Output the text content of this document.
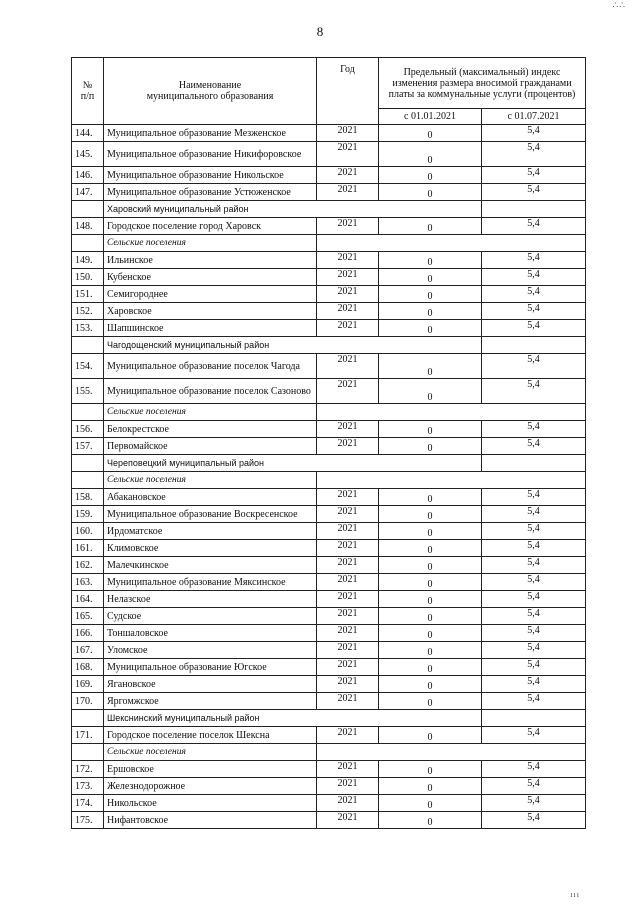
∴∴
8
№
п/п	Наименование
муниципального образования	Год	Предельный (максимальный) индекс изменения размера вносимой гражданами платы за коммунальные услуги (процентов)	
			с 01.01.2021	с 01.07.2021
144.	Муниципальное образование Мезженское	2021	0	5,4
145.	Муниципальное образование Никифоровское	2021	0	5,4
146.	Муниципальное образование Никольское	2021	0	5,4
147.	Муниципальное образование Устюженское	2021	0	5,4
	Харовский муниципальный район			
148.	Городское поселение город Харовск	2021	0	5,4
	Сельские поселения			
149.	Ильинское	2021	0	5,4
150.	Кубенское	2021	0	5,4
151.	Семигороднее	2021	0	5,4
152.	Харовское	2021	0	5,4
153.	Шапшинское	2021	0	5,4
	Чагодощенский муниципальный район			
154.	Муниципальное образование поселок Чагода	2021	0	5,4
155.	Муниципальное образование поселок Сазоново	2021	0	5,4
	Сельские поселения			
156.	Белокрестское	2021	0	5,4
157.	Первомайское	2021	0	5,4
	Череповецкий муниципальный район			
	Сельские поселения			
158.	Абакановское	2021	0	5,4
159.	Муниципальное образование Воскресенское	2021	0	5,4
160.	Ирдоматское	2021	0	5,4
161.	Климовское	2021	0	5,4
162.	Малечкинское	2021	0	5,4
163.	Муниципальное образование Мяксинское	2021	0	5,4
164.	Нелазское	2021	0	5,4
165.	Судское	2021	0	5,4
166.	Тоншаловское	2021	0	5,4
167.	Уломское	2021	0	5,4
168.	Муниципальное образование Югское	2021	0	5,4
169.	Ягановское	2021	0	5,4
170.	Яргомжское	2021	0	5,4
	Шекснинский муниципальный район			
171.	Городское поселение поселок Шексна	2021	0	5,4
	Сельские поселения			
172.	Ершовское	2021	0	5,4
173.	Железнодорожное	2021	0	5,4
174.	Никольское	2021	0	5,4
175.	Нифантовское	2021	0	5,4
ııı
